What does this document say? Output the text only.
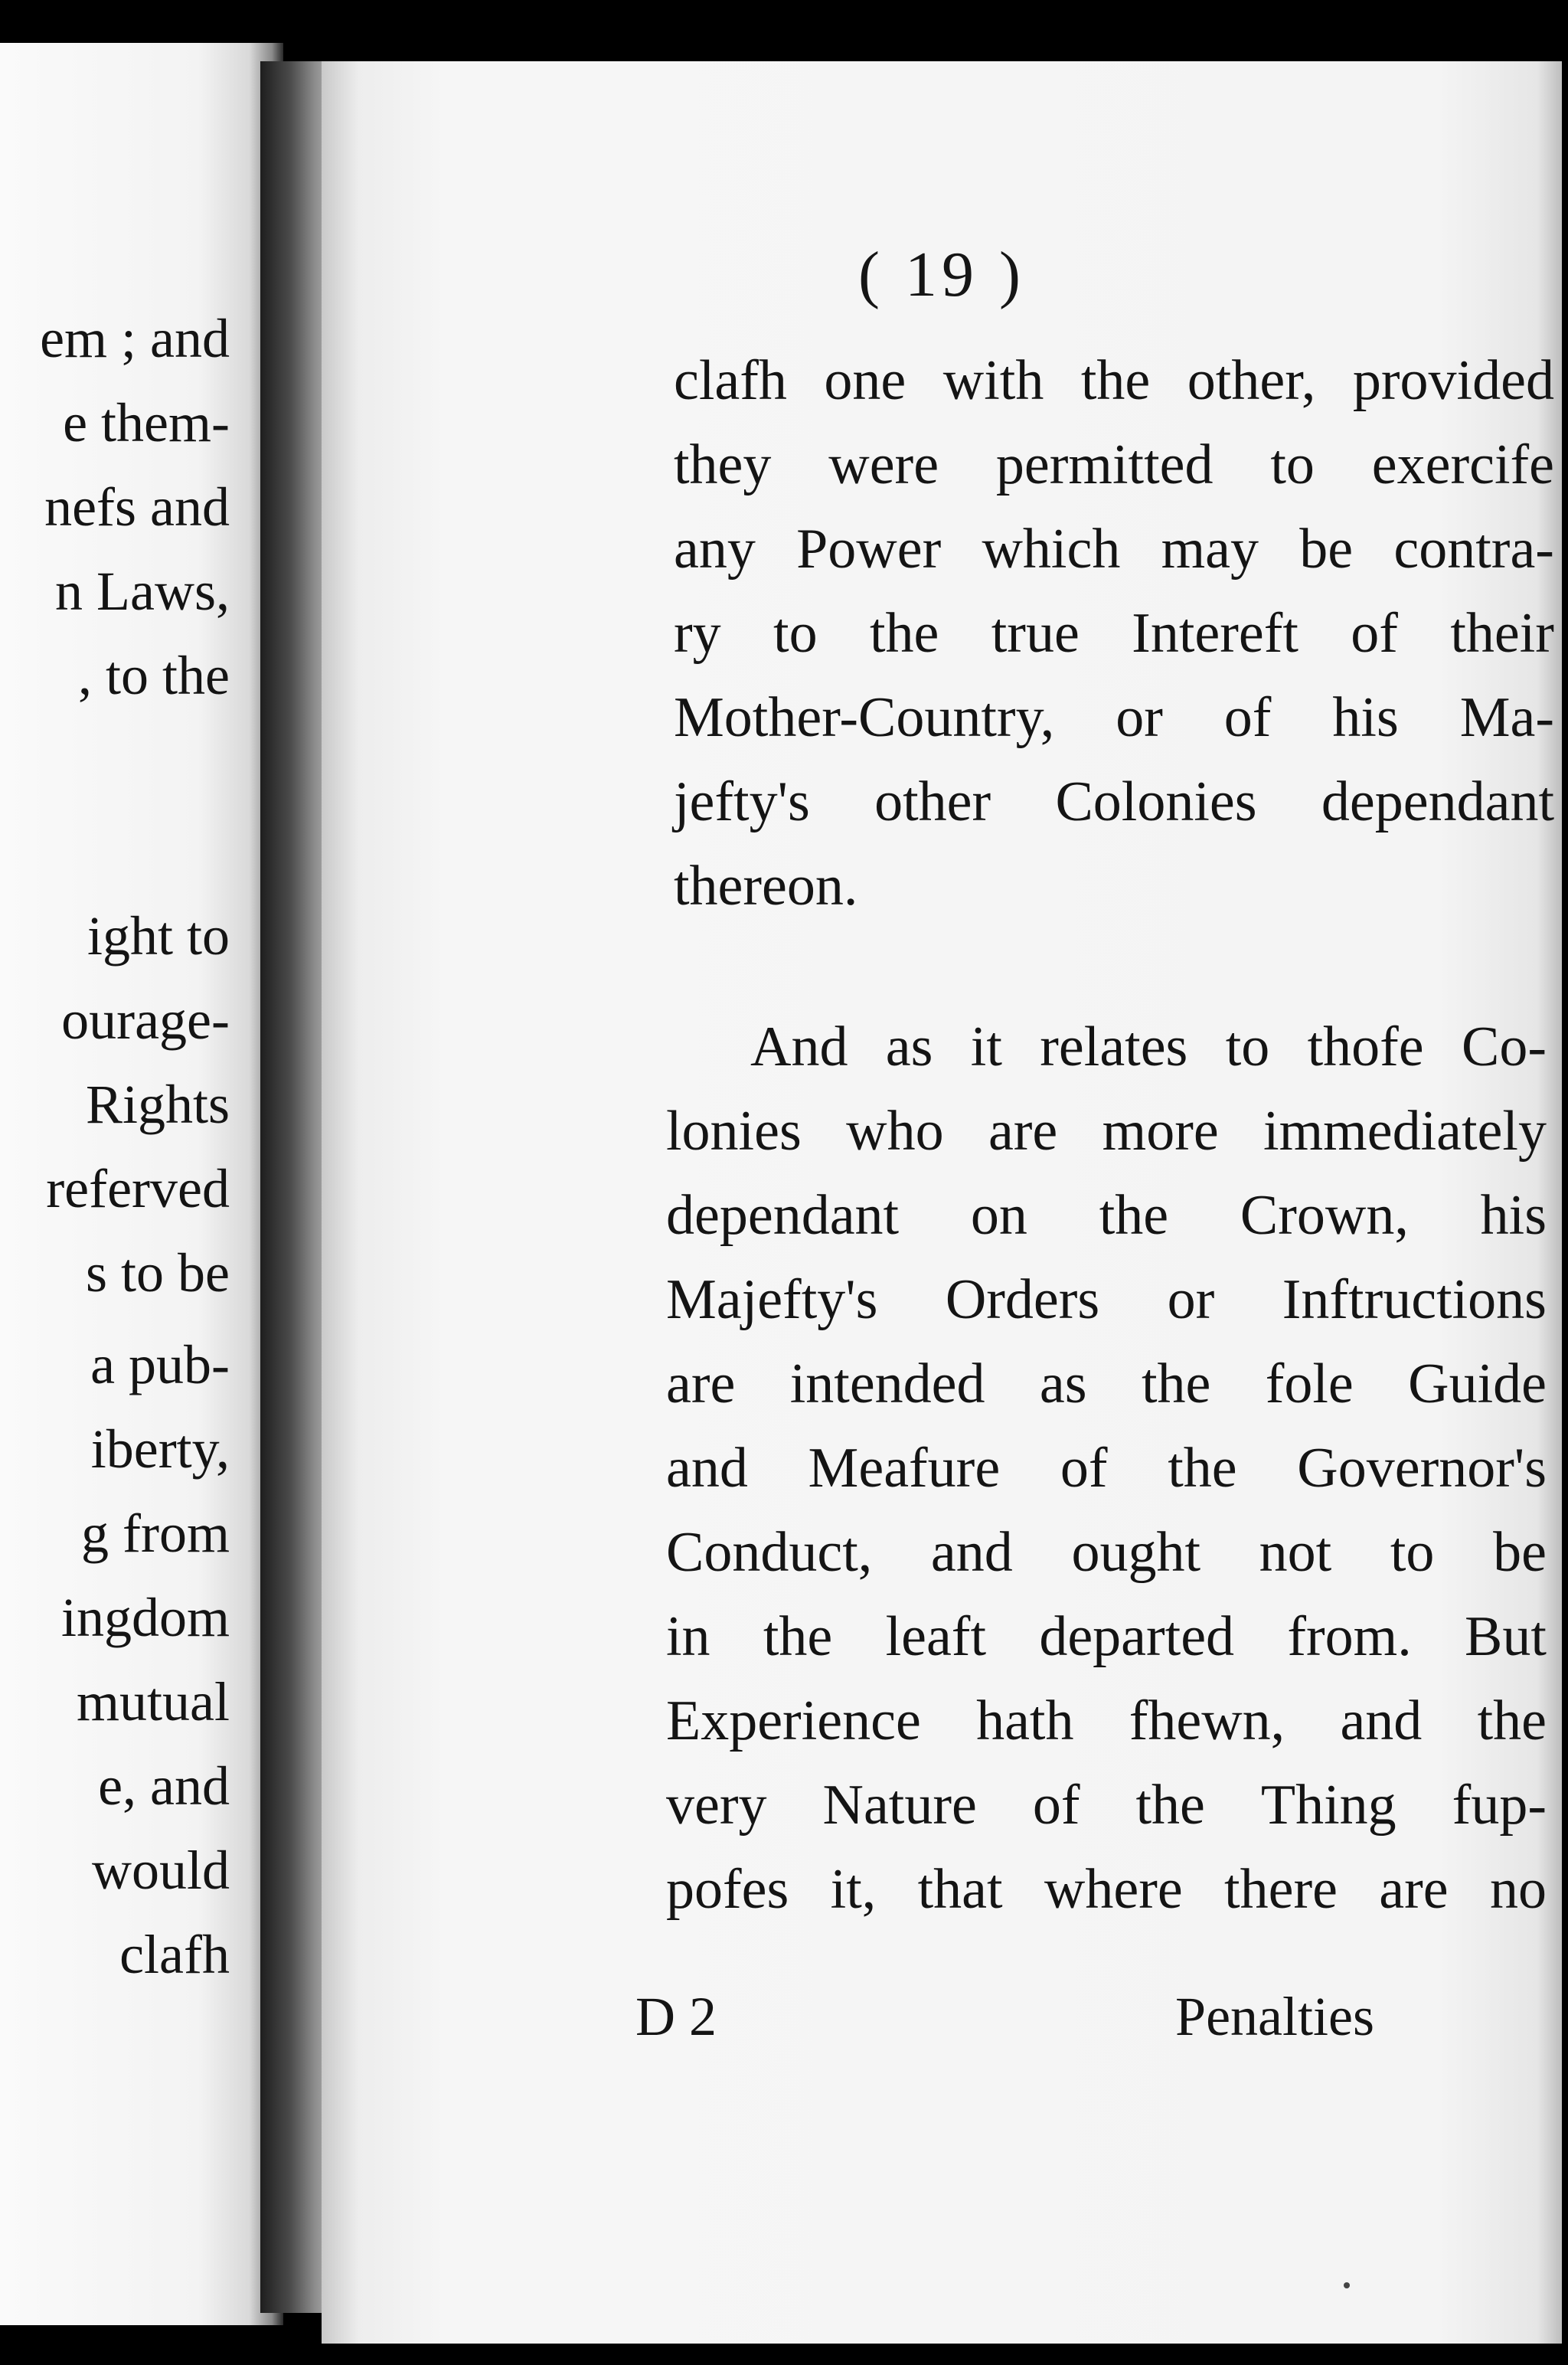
em ; and
e them-
nefs and
n Laws,
, to the
ight to
ourage-
Rights
referved
s to be
a pub-
iberty,
g from
ingdom
mutual
e, and
would
clafh
( 19 )
clafh one with the other, provided
they were permitted to exercife
any Power which may be contra-
ry to the true Intereft of their
Mother-Country, or of his Ma-
jefty's other Colonies dependant
thereon.
And as it relates to thofe Co-
lonies who are more immediately
dependant on the Crown, his
Majefty's Orders or Inftructions
are intended as the fole Guide
and Meafure of the Governor's
Conduct, and ought not to be
in the leaft departed from. But
Experience hath fhewn, and the
very Nature of the Thing fup-
pofes it, that where there are no
D 2	Penalties
